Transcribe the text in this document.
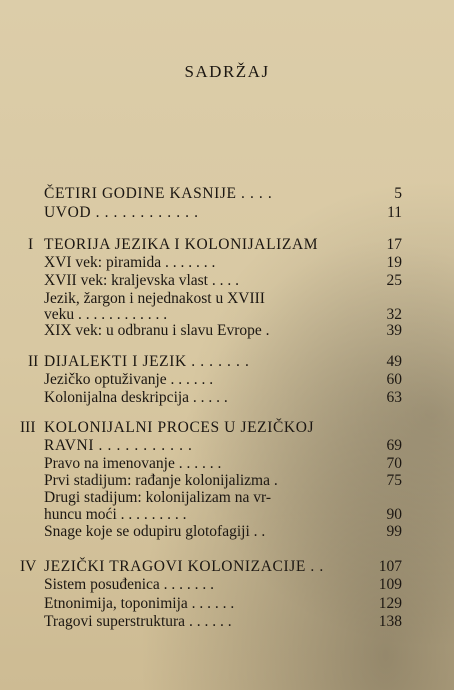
SADRŽAJ
ČETIRI GODINE KASNIJE . . . .	5
UVOD . . . . . . . . . . . .	11
I TEORIJA JEZIKA I KOLONIJALIZAM	17
XVI vek: piramida . . . . . . .	19
XVII vek: kraljevska vlast . . . .	25
Jezik, žargon i nejednakost u XVIII
veku . . . . . . . . . . . .	32
XIX vek: u odbranu i slavu Evrope .	39
II DIJALEKTI I JEZIK . . . . . . .	49
Jezičko optuživanje . . . . . .	60
Kolonijalna deskripcija . . . . .	63
III KOLONIJALNI PROCES U JEZIČKOJ
RAVNI . . . . . . . . . . .	69
Pravo na imenovanje . . . . . .	70
Prvi stadijum: rađanje kolonijalizma .	75
Drugi stadijum: kolonijalizam na vr-
huncu moći . . . . . . . . .	90
Snage koje se odupiru glotofagiji . .	99
IV JEZIČKI TRAGOVI KOLONIZACIJE . .	107
Sistem posuđenica . . . . . . .	109
Etnonimija, toponimija . . . . . .	129
Tragovi superstruktura . . . . . .	138
